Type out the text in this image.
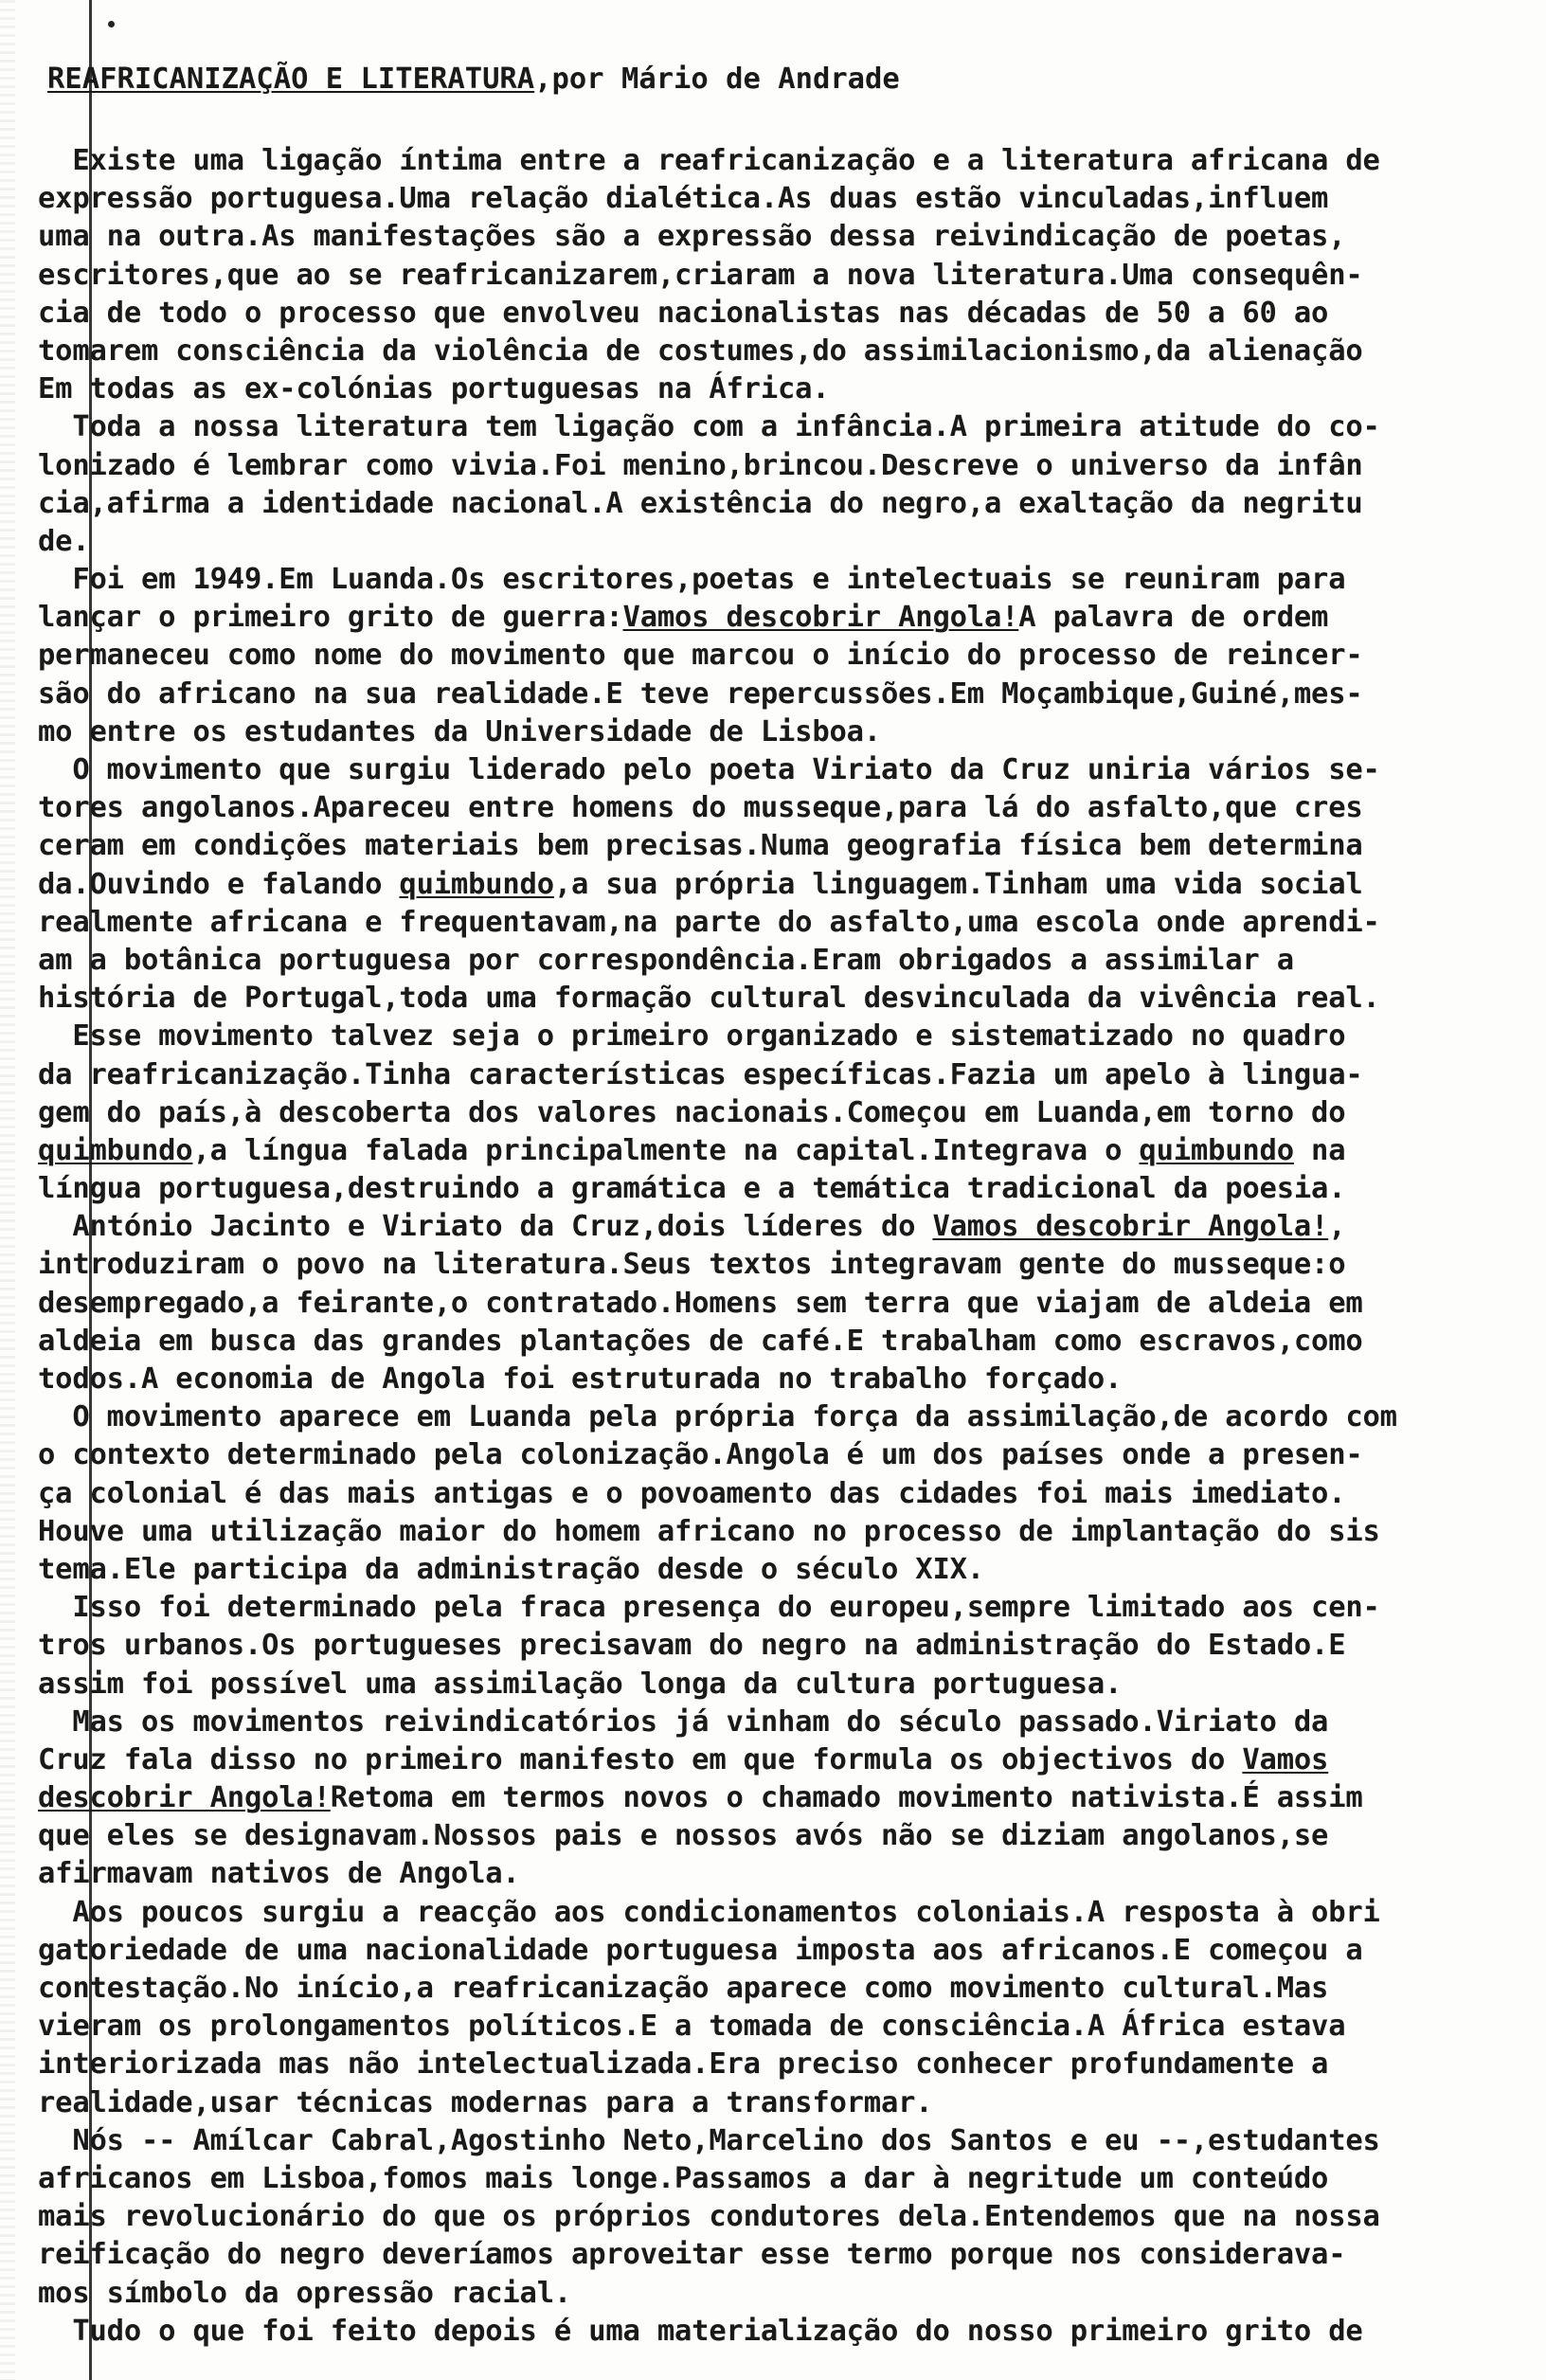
REAFRICANIZAÇÃO E LITERATURA,por Mário de Andrade
Existe uma ligação íntima entre a reafricanização e a literatura africana de
expressão portuguesa.Uma relação dialética.As duas estão vinculadas,influem
uma na outra.As manifestações são a expressão dessa reivindicação de poetas,
escritores,que ao se reafricanizarem,criaram a nova literatura.Uma consequên-
cia de todo o processo que envolveu nacionalistas nas décadas de 50 a 60 ao
tomarem consciência da violência de costumes,do assimilacionismo,da alienação
Em todas as ex-colónias portuguesas na África.
Toda a nossa literatura tem ligação com a infância.A primeira atitude do co-
lonizado é lembrar como vivia.Foi menino,brincou.Descreve o universo da infân
cia,afirma a identidade nacional.A existência do negro,a exaltação da negritu
de.
Foi em 1949.Em Luanda.Os escritores,poetas e intelectuais se reuniram para
lançar o primeiro grito de guerra:Vamos descobrir Angola!A palavra de ordem
permaneceu como nome do movimento que marcou o início do processo de reincer-
são do africano na sua realidade.E teve repercussões.Em Moçambique,Guiné,mes-
mo entre os estudantes da Universidade de Lisboa.
O movimento que surgiu liderado pelo poeta Viriato da Cruz uniria vários se-
tores angolanos.Apareceu entre homens do musseque,para lá do asfalto,que cres
ceram em condições materiais bem precisas.Numa geografia física bem determina
da.Ouvindo e falando quimbundo,a sua própria linguagem.Tinham uma vida social
realmente africana e frequentavam,na parte do asfalto,uma escola onde aprendi-
am a botânica portuguesa por correspondência.Eram obrigados a assimilar a
história de Portugal,toda uma formação cultural desvinculada da vivência real.
Esse movimento talvez seja o primeiro organizado e sistematizado no quadro
da reafricanização.Tinha características específicas.Fazia um apelo à lingua-
gem do país,à descoberta dos valores nacionais.Começou em Luanda,em torno do
quimbundo,a língua falada principalmente na capital.Integrava o quimbundo na
língua portuguesa,destruindo a gramática e a temática tradicional da poesia.
António Jacinto e Viriato da Cruz,dois líderes do Vamos descobrir Angola!,
introduziram o povo na literatura.Seus textos integravam gente do musseque:o
desempregado,a feirante,o contratado.Homens sem terra que viajam de aldeia em
aldeia em busca das grandes plantações de café.E trabalham como escravos,como
todos.A economia de Angola foi estruturada no trabalho forçado.
O movimento aparece em Luanda pela própria força da assimilação,de acordo com
o contexto determinado pela colonização.Angola é um dos países onde a presen-
ça colonial é das mais antigas e o povoamento das cidades foi mais imediato.
Houve uma utilização maior do homem africano no processo de implantação do sis
tema.Ele participa da administração desde o século XIX.
Isso foi determinado pela fraca presença do europeu,sempre limitado aos cen-
tros urbanos.Os portugueses precisavam do negro na administração do Estado.E
assim foi possível uma assimilação longa da cultura portuguesa.
Mas os movimentos reivindicatórios já vinham do século passado.Viriato da
Cruz fala disso no primeiro manifesto em que formula os objectivos do Vamos
descobrir Angola!Retoma em termos novos o chamado movimento nativista.É assim
que eles se designavam.Nossos pais e nossos avós não se diziam angolanos,se
afirmavam nativos de Angola.
Aos poucos surgiu a reacção aos condicionamentos coloniais.A resposta à obri
gatoriedade de uma nacionalidade portuguesa imposta aos africanos.E começou a
contestação.No início,a reafricanização aparece como movimento cultural.Mas
vieram os prolongamentos políticos.E a tomada de consciência.A África estava
interiorizada mas não intelectualizada.Era preciso conhecer profundamente a
realidade,usar técnicas modernas para a transformar.
Nós -- Amílcar Cabral,Agostinho Neto,Marcelino dos Santos e eu --,estudantes
africanos em Lisboa,fomos mais longe.Passamos a dar à negritude um conteúdo
mais revolucionário do que os próprios condutores dela.Entendemos que na nossa
reificação do negro deveríamos aproveitar esse termo porque nos considerava-
mos símbolo da opressão racial.
Tudo o que foi feito depois é uma materialização do nosso primeiro grito de
